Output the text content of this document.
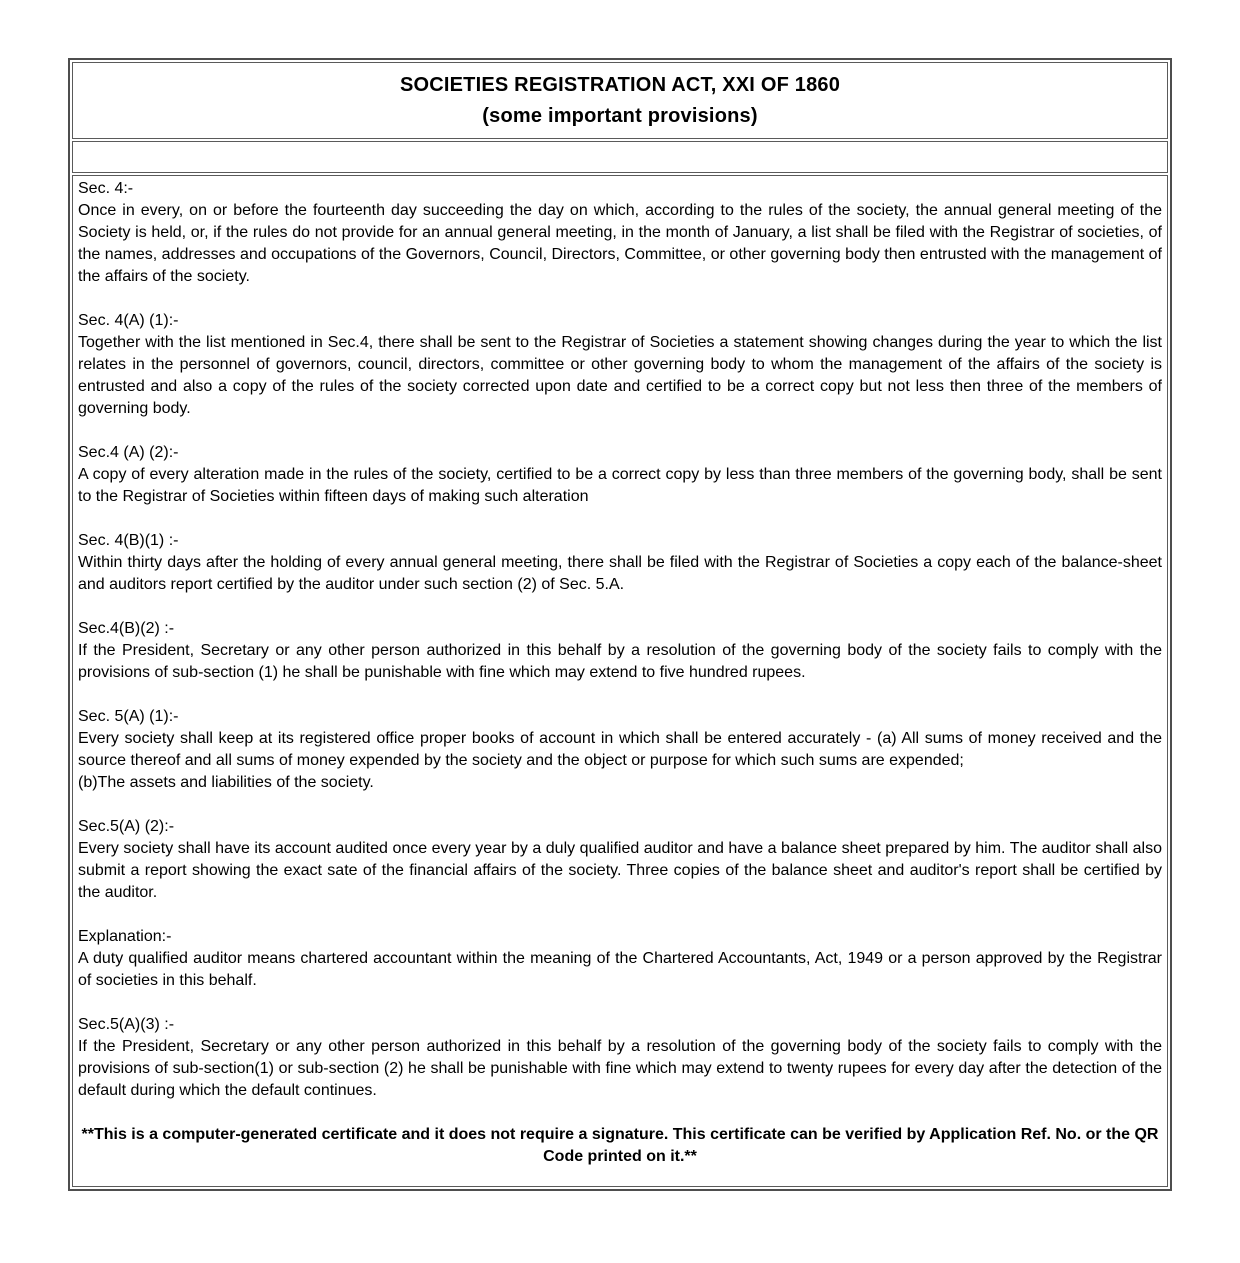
SOCIETIES REGISTRATION ACT, XXI OF 1860
(some important provisions)
Sec. 4:-
Once in every, on or before the fourteenth day succeeding the day on which, according to the rules of the society, the annual general meeting of the Society is held, or, if the rules do not provide for an annual general meeting, in the month of January, a list shall be filed with the Registrar of societies, of the names, addresses and occupations of the Governors, Council, Directors, Committee, or other governing body then entrusted with the management of the affairs of the society.
Sec. 4(A) (1):-
Together with the list mentioned in Sec.4, there shall be sent to the Registrar of Societies a statement showing changes during the year to which the list relates in the personnel of governors, council, directors, committee or other governing body to whom the management of the affairs of the society is entrusted and also a copy of the rules of the society corrected upon date and certified to be a correct copy but not less then three of the members of governing body.
Sec.4 (A) (2):-
A copy of every alteration made in the rules of the society, certified to be a correct copy by less than three members of the governing body, shall be sent to the Registrar of Societies within fifteen days of making such alteration
Sec. 4(B)(1) :-
Within thirty days after the holding of every annual general meeting, there shall be filed with the Registrar of Societies a copy each of the balance-sheet and auditors report certified by the auditor under such section (2) of Sec. 5.A.
Sec.4(B)(2) :-
If the President, Secretary or any other person authorized in this behalf by a resolution of the governing body of the society fails to comply with the provisions of sub-section (1) he shall be punishable with fine which may extend to five hundred rupees.
Sec. 5(A) (1):-
Every society shall keep at its registered office proper books of account in which shall be entered accurately - (a) All sums of money received and the source thereof and all sums of money expended by the society and the object or purpose for which such sums are expended;
(b)The assets and liabilities of the society.
Sec.5(A) (2):-
Every society shall have its account audited once every year by a duly qualified auditor and have a balance sheet prepared by him. The auditor shall also submit a report showing the exact sate of the financial affairs of the society. Three copies of the balance sheet and auditor's report shall be certified by the auditor.
Explanation:-
A duty qualified auditor means chartered accountant within the meaning of the Chartered Accountants, Act, 1949 or a person approved by the Registrar of societies in this behalf.
Sec.5(A)(3) :-
If the President, Secretary or any other person authorized in this behalf by a resolution of the governing body of the society fails to comply with the provisions of sub-section(1) or sub-section (2) he shall be punishable with fine which may extend to twenty rupees for every day after the detection of the default during which the default continues.
**This is a computer-generated certificate and it does not require a signature. This certificate can be verified by Application Ref. No. or the QR Code printed on it.**
